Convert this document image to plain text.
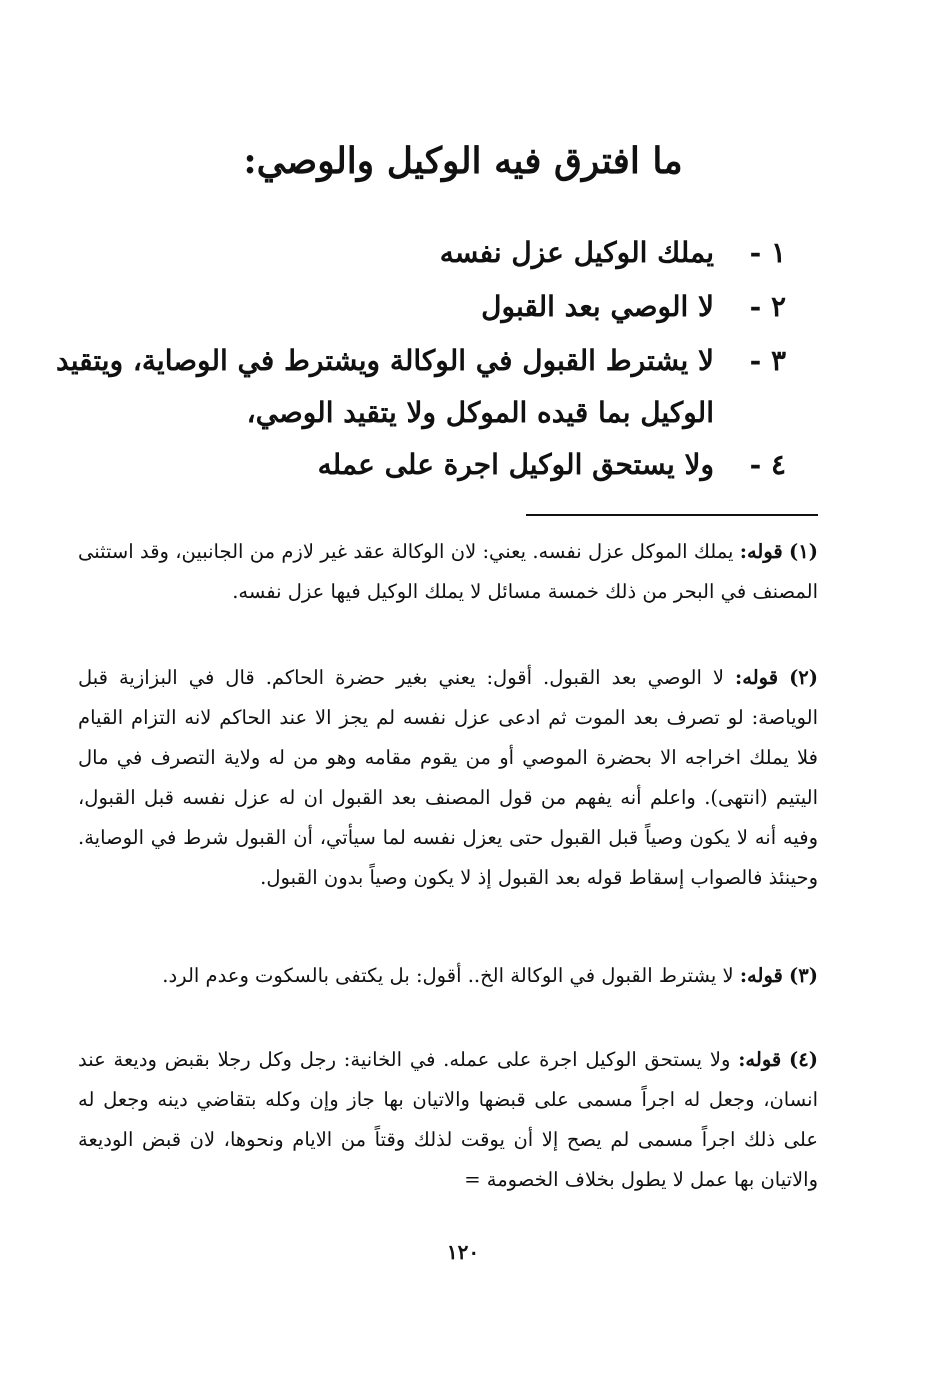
ما افترق فيه الوكيل والوصي:
١ -يملك الوكيل عزل نفسه
٢ -لا الوصي بعد القبول
٣ -لا يشترط القبول في الوكالة ويشترط في الوصاية، ويتقيد
الوكيل بما قيده الموكل ولا يتقيد الوصي،
٤ -ولا يستحق الوكيل اجرة على عمله

(١) قوله: يملك الموكل عزل نفسه. يعني: لان الوكالة عقد غير لازم من الجانبين، وقد استثنى المصنف في البحر من ذلك خمسة مسائل لا يملك الوكيل فيها عزل نفسه.

(٢) قوله: لا الوصي بعد القبول. أقول: يعني بغير حضرة الحاكم. قال في البزازية قبل الوياصة: لو تصرف بعد الموت ثم ادعى عزل نفسه لم يجز الا عند الحاكم لانه التزام القيام فلا يملك اخراجه الا بحضرة الموصي أو من يقوم مقامه وهو من له ولاية التصرف في مال اليتيم (انتهى). واعلم أنه يفهم من قول المصنف بعد القبول ان له عزل نفسه قبل القبول، وفيه أنه لا يكون وصياً قبل القبول حتى يعزل نفسه لما سيأتي، أن القبول شرط في الوصاية. وحينئذ فالصواب إسقاط قوله بعد القبول إذ لا يكون وصياً بدون القبول.

(٣) قوله: لا يشترط القبول في الوكالة الخ.. أقول: بل يكتفى بالسكوت وعدم الرد.

(٤) قوله: ولا يستحق الوكيل اجرة على عمله. في الخانية: رجل وكل رجلا بقبض وديعة عند انسان، وجعل له اجراً مسمى على قبضها والاتيان بها جاز وإن وكله بتقاضي دينه وجعل له على ذلك اجراً مسمى لم يصح إلا أن يوقت لذلك وقتاً من الايام ونحوها، لان قبض الوديعة والاتيان بها عمل لا يطول بخلاف الخصومة =

١٢٠
